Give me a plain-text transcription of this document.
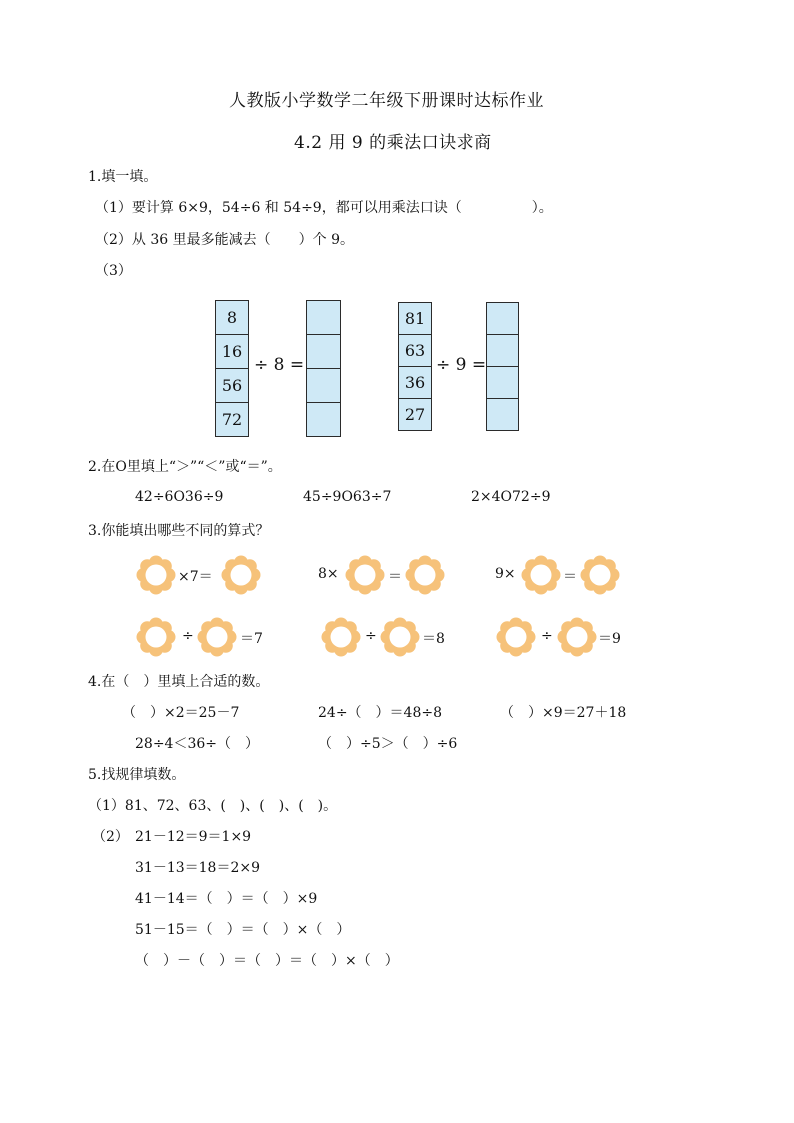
人教版小学数学二年级下册课时达标作业
4.2 用 9 的乘法口诀求商
1.填一填。
（1）要计算 6×9，54÷6 和 54÷9，都可以用乘法口诀（　　　　　）。
（2）从 36 里最多能减去（　　）个 9。
（3）
8
16
56
72
÷ 8 =
81
63
36
27
÷ 9 =
2.在O里填上“＞”“＜”或“＝”。
42÷6O36÷9	45÷9O63÷7	2×4O72÷9
3.你能填出哪些不同的算式？
×7＝	8×	＝	9×	＝
÷	＝7	÷	＝8	÷	＝9
4.在（　）里填上合适的数。
（　）×2＝25－7	24÷（　）＝48÷8	（　）×9＝27＋18
28÷4＜36÷（　）	（　）÷5＞（　）÷6
5.找规律填数。
（1）81、72、63、(　)、(　)、(　)。
（2） 21－12＝9＝1×9
31－13＝18＝2×9
41－14＝（　）＝（　）×9
51－15＝（　）＝（　）×（　）
（　）－（　）＝（　）＝（　）×（　）
